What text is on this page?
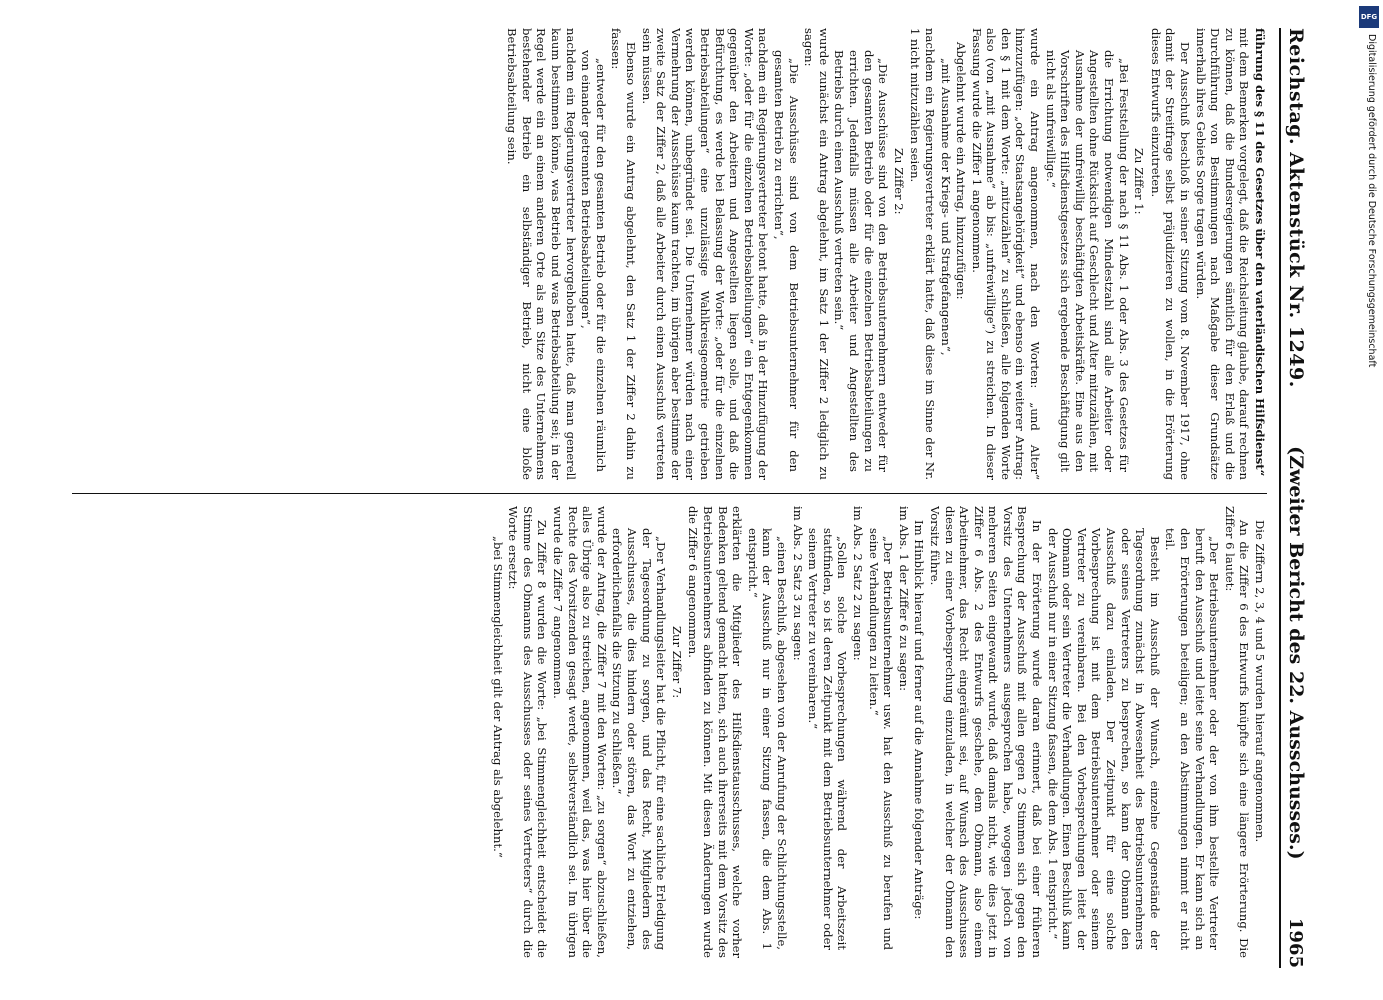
Reichstag. Aktenstück Nr. 1249.
(Zweiter Bericht des 22. Ausschusses.)
1965

führung des § 11 des Gesetzes über den vaterländischen Hilfsdienst“

mit dem Bemerken vorgelegt, daß die Reichsleitung glaube, darauf rechnen zu können, daß die Bundesregierungen sämtlich für den Erlaß und die Durchführung von Bestimmungen nach Maßgabe dieser Grundsätze innerhalb ihres Gebiets Sorge tragen würden.

Der Ausschuß beschloß in seiner Sitzung vom 8. November 1917, ohne damit der Streitfrage selbst präjudizieren zu wollen, in die Erörterung dieses Entwurfs einzutreten.

Zu Ziffer 1:

„Bei Feststellung der nach § 11 Abs. 1 oder Abs. 3 des Gesetzes für die Errichtung notwendigen Mindestzahl sind alle Arbeiter oder Angestellten ohne Rücksicht auf Geschlecht und Alter mitzuzählen, mit Ausnahme der unfreiwillig beschäftigten Arbeitskräfte. Eine aus den Vorschriften des Hilfsdienstgesetzes sich ergebende Beschäftigung gilt nicht als unfreiwillige.“

wurde ein Antrag angenommen, nach den Worten: „und Alter“ hinzuzufügen: „oder Staatsangehörigkeit“ und ebenso ein weiterer Antrag: den § 1 mit dem Worte: „mitzuzählen“ zu schließen, alle folgenden Worte also (von „mit Ausnahme“ ab bis: „unfreiwillige“) zu streichen. In dieser Fassung wurde die Ziffer 1 angenommen.

Abgelehnt wurde ein Antrag, hinzuzufügen:

„mit Ausnahme der Kriegs- und Strafgefangenen“,

nachdem ein Regierungsvertreter erklärt hatte, daß diese im Sinne der Nr. 1 nicht mitzuzählen seien.

Zu Ziffer 2:

„Die Ausschüsse sind von den Betriebsunternehmern entweder für den gesamten Betrieb oder für die einzelnen Betriebsabteilungen zu errichten. Jedenfalls müssen alle Arbeiter und Angestellten des Betriebs durch einen Ausschuß vertreten sein.“

wurde zunächst ein Antrag abgelehnt, im Satz 1 der Ziffer 2 lediglich zu sagen:

„Die Ausschüsse sind von dem Betriebsunternehmer für den gesamten Betrieb zu errichten“,

nachdem ein Regierungsvertreter betont hatte, daß in der Hinzufügung der Worte: „oder für die einzelnen Betriebsabteilungen“ ein Entgegenkommen gegenüber den Arbeitern und Angestellten liegen solle, und daß die Befürchtung, es werde bei Belassung der Worte: „oder für die einzelnen Betriebsabteilungen“ eine unzulässige Wahlkreisgeometrie getrieben werden können, unbegründet sei. Die Unternehmer würden nach einer Vermehrung der Ausschüsse kaum trachten, im übrigen aber bestimme der zweite Satz der Ziffer 2, daß alle Arbeiter durch einen Ausschuß vertreten sein müssen.

Ebenso wurde ein Antrag abgelehnt, den Satz 1 der Ziffer 2 dahin zu fassen:

„entweder für den gesamten Betrieb oder für die einzelnen räumlich von einander getrennten Betriebsabteilungen“,

nachdem ein Regierungsvertreter hervorgehoben hatte, daß man generell kaum bestimmen könne, was Betrieb und was Betriebsabteilung sei; in der Regel werde ein an einem anderen Orte als am Sitze des Unternehmens bestehender Betrieb ein selbständiger Betrieb, nicht eine bloße Betriebsabteilung sein.

Die Ziffern 2, 3, 4 und 5 wurden hierauf angenommen.

An die Ziffer 6 des Entwurfs knüpfte sich eine längere Erörterung. Die Ziffer 6 lautet:

„Der Betriebsunternehmer oder der von ihm bestellte Vertreter beruft den Ausschuß und leitet seine Verhandlungen. Er kann sich an den Erörterungen beteiligen; an den Abstimmungen nimmt er nicht teil.

Besteht im Ausschuß der Wunsch, einzelne Gegenstände der Tagesordnung zunächst in Abwesenheit des Betriebsunternehmers oder seines Vertreters zu besprechen, so kann der Obmann den Ausschuß dazu einladen. Der Zeitpunkt für eine solche Vorbesprechung ist mit dem Betriebsunternehmer oder seinem Vertreter zu vereinbaren. Bei den Vorbesprechungen leitet der Obmann oder sein Vertreter die Verhandlungen. Einen Beschluß kann der Ausschuß nur in einer Sitzung fassen, die dem Abs. 1 entspricht.“

In der Erörterung wurde daran erinnert, daß bei einer früheren Besprechung der Ausschuß mit allen gegen 2 Stimmen sich gegen den Vorsitz des Unternehmers ausgesprochen habe, wogegen jedoch von mehreren Seiten eingewandt wurde, daß damals nicht, wie dies jetzt in Ziffer 6 Abs. 2 des Entwurfs geschehe, dem Obmann, also einem Arbeitnehmer, das Recht eingeräumt sei, auf Wunsch des Ausschusses diesen zu einer Vorbesprechung einzuladen, in welcher der Obmann den Vorsitz führe.

Im Hinblick hierauf und ferner auf die Annahme folgender Anträge:

im Abs. 1 der Ziffer 6 zu sagen:

„Der Betriebsunternehmer usw. hat den Ausschuß zu berufen und seine Verhandlungen zu leiten.“

im Abs. 2 Satz 2 zu sagen:

„Sollen solche Vorbesprechungen während der Arbeitszeit stattfinden, so ist deren Zeitpunkt mit dem Betriebsunternehmer oder seinem Vertreter zu vereinbaren.“

im Abs. 2 Satz 3 zu sagen:

„einen Beschluß, abgesehen von der Anrufung der Schlichtungsstelle, kann der Ausschuß nur in einer Sitzung fassen, die dem Abs. 1 entspricht.“

erklärten die Mitglieder des Hilfsdienstausschusses, welche vorher Bedenken geltend gemacht hatten, sich auch ihrerseits mit dem Vorsitz des Betriebsunternehmers abfinden zu können. Mit diesen Änderungen wurde die Ziffer 6 angenommen.

Zur Ziffer 7:

„Der Verhandlungsleiter hat die Pflicht, für eine sachliche Erledigung der Tagesordnung zu sorgen, und das Recht, Mitgliedern des Ausschusses, die dies hindern oder stören, das Wort zu entziehen, erforderlichenfalls die Sitzung zu schließen.“

wurde der Antrag, die Ziffer 7 mit den Worten: „zu sorgen“ abzuschließen, alles Übrige also zu streichen, angenommen, weil das, was hier über die Rechte des Vorsitzenden gesagt werde, selbstverständlich sei. Im übrigen wurde die Ziffer 7 angenommen.

Zu Ziffer 8 wurden die Worte: „bei Stimmengleichheit entscheidet die Stimme des Obmanns des Ausschusses oder seines Vertreters“ durch die Worte ersetzt:

„bei Stimmengleichheit gilt der Antrag als abgelehnt.“

DFG
Digitalisierung gefördert durch die Deutsche Forschungsgemeinschaft
